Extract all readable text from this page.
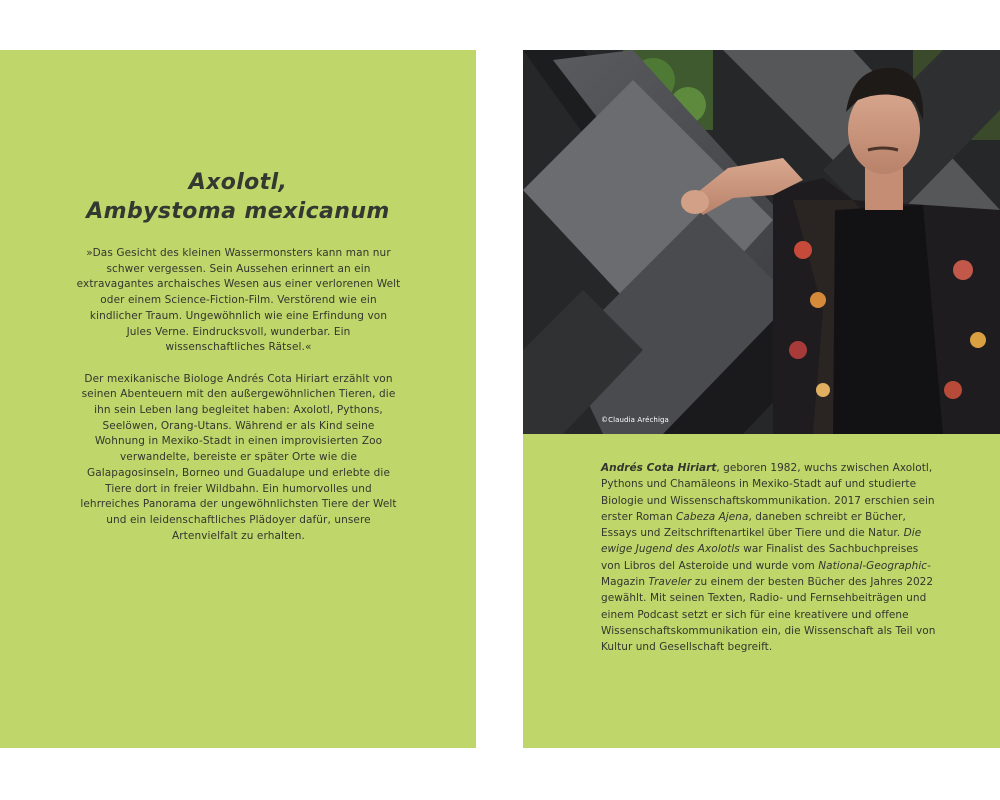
Axolotl,
Ambystoma mexicanum

»Das Gesicht des kleinen Wassermonsters kann man nur schwer vergessen. Sein Aussehen erinnert an ein extravagantes archaisches Wesen aus einer verlorenen Welt oder einem Science-Fiction-Film. Verstörend wie ein kindlicher Traum. Ungewöhnlich wie eine Erfindung von Jules Verne. Eindrucksvoll, wunderbar. Ein wissenschaftliches Rätsel.«

Der mexikanische Biologe Andrés Cota Hiriart erzählt von seinen Abenteuern mit den außergewöhnlichen Tieren, die ihn sein Leben lang begleitet haben: Axolotl, Pythons, Seelöwen, Orang-Utans. Während er als Kind seine Wohnung in Mexiko-Stadt in einen improvisierten Zoo verwandelte, bereiste er später Orte wie die Galapagosinseln, Borneo und Guadalupe und erlebte die Tiere dort in freier Wildbahn. Ein humorvolles und lehrreiches Panorama der ungewöhnlichsten Tiere der Welt und ein leidenschaftliches Plädoyer dafür, unsere Artenvielfalt zu erhalten.

©Claudia Aréchiga
Andrés Cota Hiriart, geboren 1982, wuchs zwischen Axolotl, Pythons und Chamäleons in Mexiko-Stadt auf und studierte Biologie und Wissenschaftskommunikation. 2017 erschien sein erster Roman Cabeza Ajena, daneben schreibt er Bücher, Essays und Zeitschriftenartikel über Tiere und die Natur. Die ewige Jugend des Axolotls war Finalist des Sachbuchpreises von Libros del Asteroide und wurde vom National-Geographic-Magazin Traveler zu einem der besten Bücher des Jahres 2022 gewählt. Mit seinen Texten, Radio- und Fernsehbeiträgen und einem Podcast setzt er sich für eine kreativere und offene Wissenschaftskommunikation ein, die Wissenschaft als Teil von Kultur und Gesellschaft begreift.
